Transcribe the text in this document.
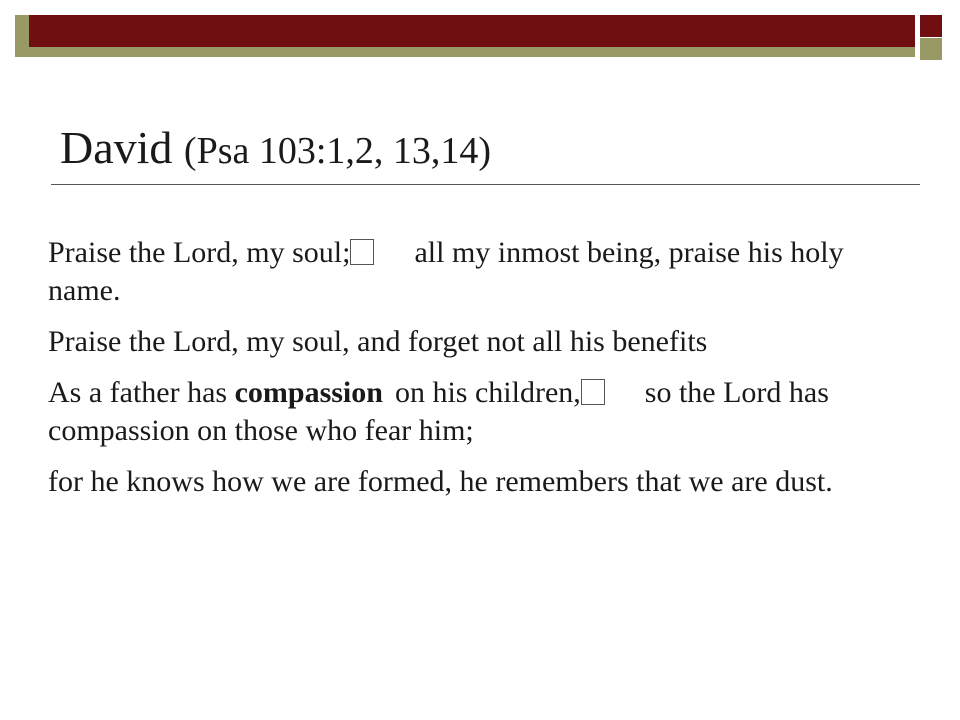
David (Psa 103:1,2, 13,14)

Praise the Lord, my soul; all my inmost being, praise his holy name.

Praise the Lord, my soul, and forget not all his benefits

As a father has compassion on his children, so the Lord has compassion on those who fear him;

for he knows how we are formed, he remembers that we are dust.
